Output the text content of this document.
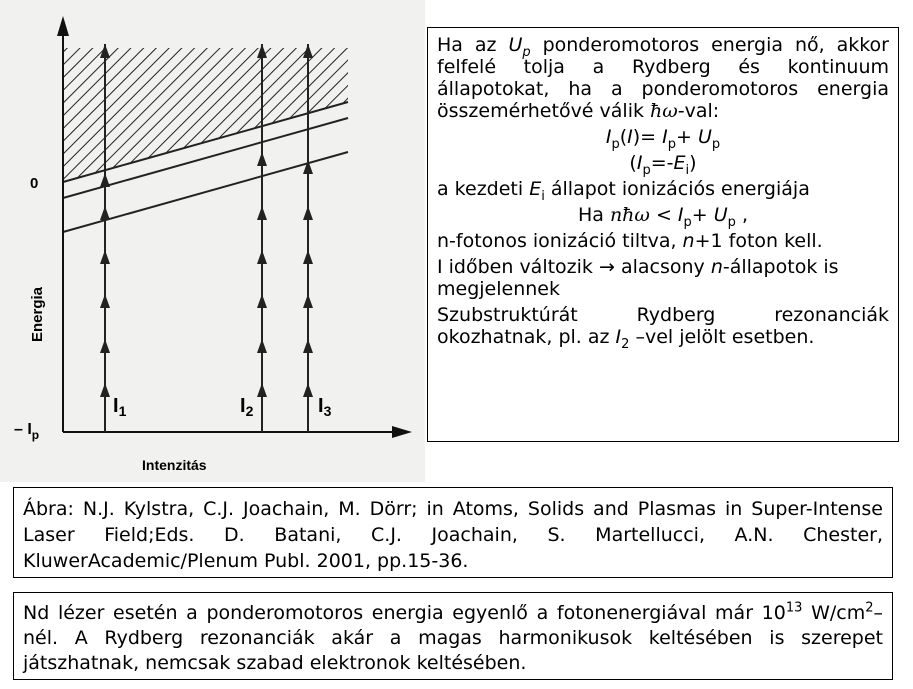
0
– $I_p$
Energia
Intenzitás
$I_1$	$I_2$	$I_3$

Ha az $U_p$ ponderomotoros energia nő, akkor felfelé tolja a Rydberg és kontinuum állapotokat, ha a ponderomotoros energia összemérhetővé válik ħω-val:

$I_p(I)= I_p+ U_p$

$(I_p=-E_i)$

a kezdeti $E_i$ állapot ionizációs energiája

Ha nħω < $I_p+ U_p$ ,

n-fotonos ionizáció tiltva, n+1 foton kell.

I időben változik → alacsony n-állapotok is megjelennek

Szubstruktúrát Rydberg rezonanciák okozhatnak, pl. az $I_2$ –vel jelölt esetben.

Ábra: N.J. Kylstra, C.J. Joachain, M. Dörr; in Atoms, Solids and Plasmas in Super-Intense Laser Field;Eds. D. Batani, C.J. Joachain, S. Martellucci, A.N. Chester, KluwerAcademic/Plenum Publ. 2001, pp.15-36.
Nd lézer esetén a ponderomotoros energia egyenlő a fotonenergiával már $10^{13}$ $W/cm^2$–nél. A Rydberg rezonanciák akár a magas harmonikusok keltésében is szerepet játszhatnak, nemcsak szabad elektronok keltésében.
